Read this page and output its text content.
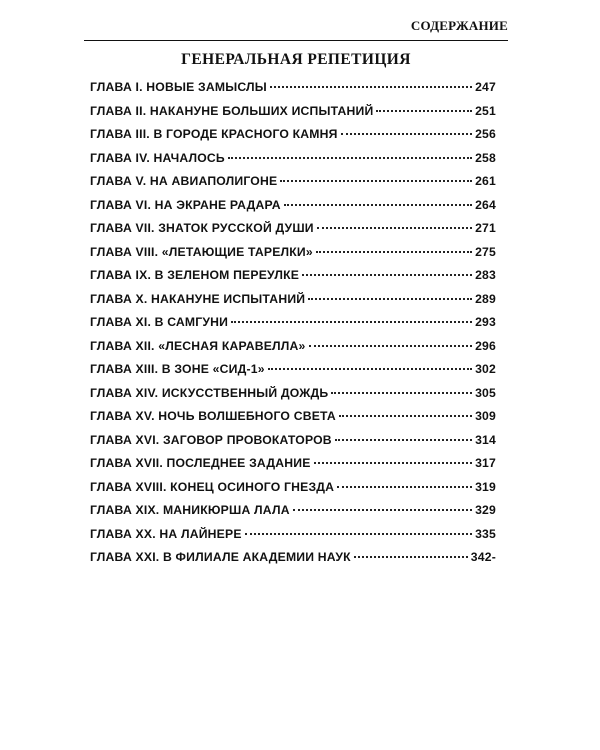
СОДЕРЖАНИЕ
ГЕНЕРАЛЬНАЯ РЕПЕТИЦИЯ
ГЛАВА I. НОВЫЕ ЗАМЫСЛЫ	247
ГЛАВА II. НАКАНУНЕ БОЛЬШИХ ИСПЫТАНИЙ	251
ГЛАВА III. В ГОРОДЕ КРАСНОГО КАМНЯ	256
ГЛАВА IV. НАЧАЛОСЬ	258
ГЛАВА V. НА АВИАПОЛИГОНЕ	261
ГЛАВА VI. НА ЭКРАНЕ РАДАРА	264
ГЛАВА VII. ЗНАТОК РУССКОЙ ДУШИ	271
ГЛАВА VIII. «ЛЕТАЮЩИЕ ТАРЕЛКИ»	275
ГЛАВА IX. В ЗЕЛЕНОМ ПЕРЕУЛКЕ	283
ГЛАВА X. НАКАНУНЕ ИСПЫТАНИЙ	289
ГЛАВА XI. В САМГУНИ	293
ГЛАВА XII. «ЛЕСНАЯ КАРАВЕЛЛА»	296
ГЛАВА XIII. В ЗОНЕ «СИД-1»	302
ГЛАВА XIV. ИСКУССТВЕННЫЙ ДОЖДЬ	305
ГЛАВА XV. НОЧЬ ВОЛШЕБНОГО СВЕТА	309
ГЛАВА XVI. ЗАГОВОР ПРОВОКАТОРОВ	314
ГЛАВА XVII. ПОСЛЕДНЕЕ ЗАДАНИЕ	317
ГЛАВА XVIII. КОНЕЦ ОСИНОГО ГНЕЗДА	319
ГЛАВА XIX. МАНИКЮРША ЛАЛА	329
ГЛАВА XX. НА ЛАЙНЕРЕ	335
ГЛАВА XXI. В ФИЛИАЛЕ АКАДЕМИИ НАУК	342-
